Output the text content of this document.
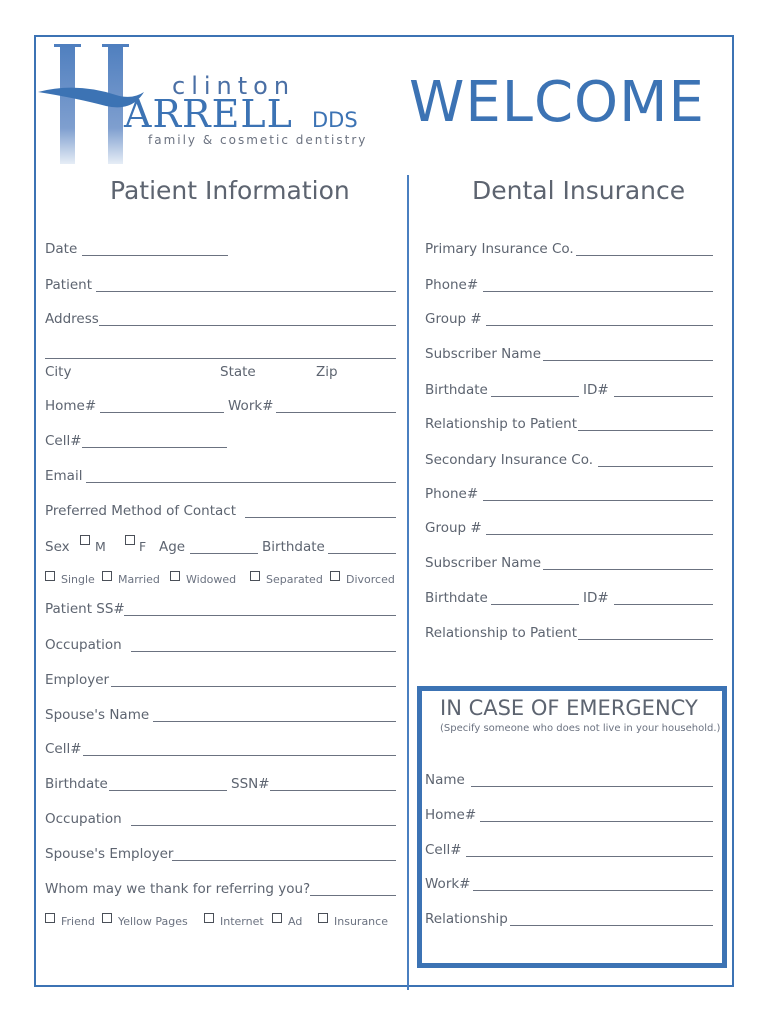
clinton
ARRELL DDS
family & cosmetic dentistry
WELCOME
Patient Information	Dental Insurance
Date
Patient
Address
City	State	Zip
Home#	Work#
Cell#
Email
Preferred Method of Contact
Sex M	F Age	Birthdate
Single Married Widowed	Separated Divorced
Patient SS#
Occupation
Employer
Spouse's Name
Cell#
Birthdate	SSN#
Occupation
Spouse's Employer
Whom may we thank for referring you?
Friend Yellow Pages	Internet Ad	Insurance
Primary Insurance Co.
Phone#
Group #
Subscriber Name
Birthdate	ID#
Relationship to Patient
Secondary Insurance Co.
Phone#
Group #
Subscriber Name
Birthdate	ID#
Relationship to Patient
IN CASE OF EMERGENCY
(Specify someone who does not live in your household.)
Name
Home#
Cell#
Work#
Relationship
